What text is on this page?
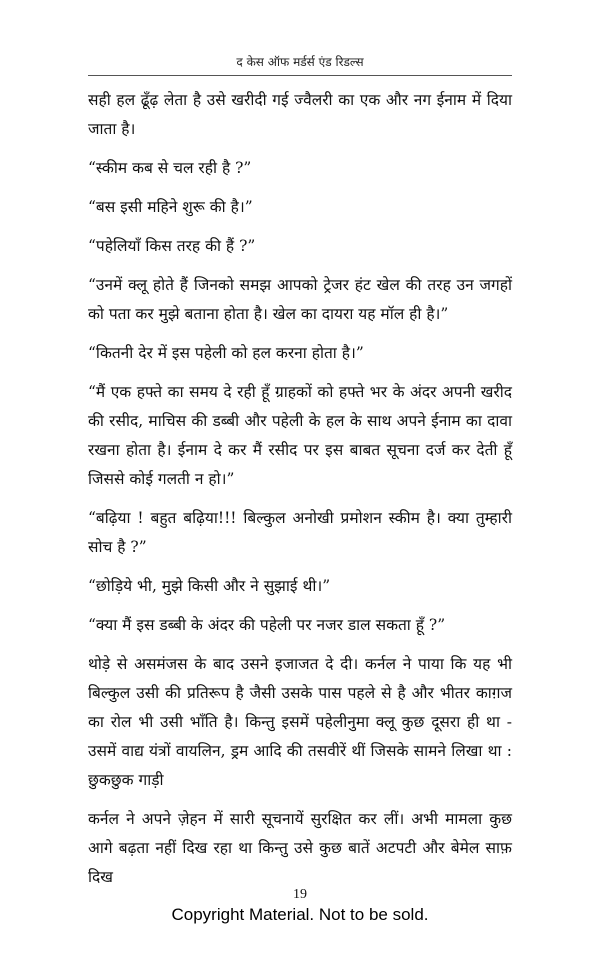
द केस ऑफ मर्डर्स एंड रिडल्स

सही हल ढूँढ़ लेता है उसे खरीदी गई ज्वैलरी का एक और नग ईनाम में दिया जाता है।

“स्कीम कब से चल रही है ?”

“बस इसी महिने शुरू की है।”

“पहेलियाँ किस तरह की हैं ?”

“उनमें क्लू होते हैं जिनको समझ आपको ट्रेजर हंट खेल की तरह उन जगहों को पता कर मुझे बताना होता है। खेल का दायरा यह मॉल ही है।”

“कितनी देर में इस पहेली को हल करना होता है।”

“मैं एक हफ्ते का समय दे रही हूँ ग्राहकों को हफ्ते भर के अंदर अपनी खरीद की रसीद, माचिस की डब्बी और पहेली के हल के साथ अपने ईनाम का दावा रखना होता है। ईनाम दे कर मैं रसीद पर इस बाबत सूचना दर्ज कर देती हूँ जिससे कोई गलती न हो।”

“बढ़िया ! बहुत बढ़िया!!! बिल्कुल अनोखी प्रमोशन स्कीम है। क्या तुम्हारी सोच है ?”

“छोड़िये भी, मुझे किसी और ने सुझाई थी।”

“क्या मैं इस डब्बी के अंदर की पहेली पर नजर डाल सकता हूँ ?”

थोड़े से असमंजस के बाद उसने इजाजत दे दी। कर्नल ने पाया कि यह भी बिल्कुल उसी की प्रतिरूप है जैसी उसके पास पहले से है और भीतर काग़ज का रोल भी उसी भाँति है। किन्तु इसमें पहेलीनुमा क्लू कुछ दूसरा ही था - उसमें वाद्य यंत्रों वायलिन, ड्रम आदि की तसवीरें थीं जिसके सामने लिखा था : छुकछुक गाड़ी

कर्नल ने अपने ज़ेहन में सारी सूचनायें सुरक्षित कर लीं। अभी मामला कुछ आगे बढ़ता नहीं दिख रहा था किन्तु उसे कुछ बातें अटपटी और बेमेल साफ़ दिख

19
Copyright Material. Not to be sold.
